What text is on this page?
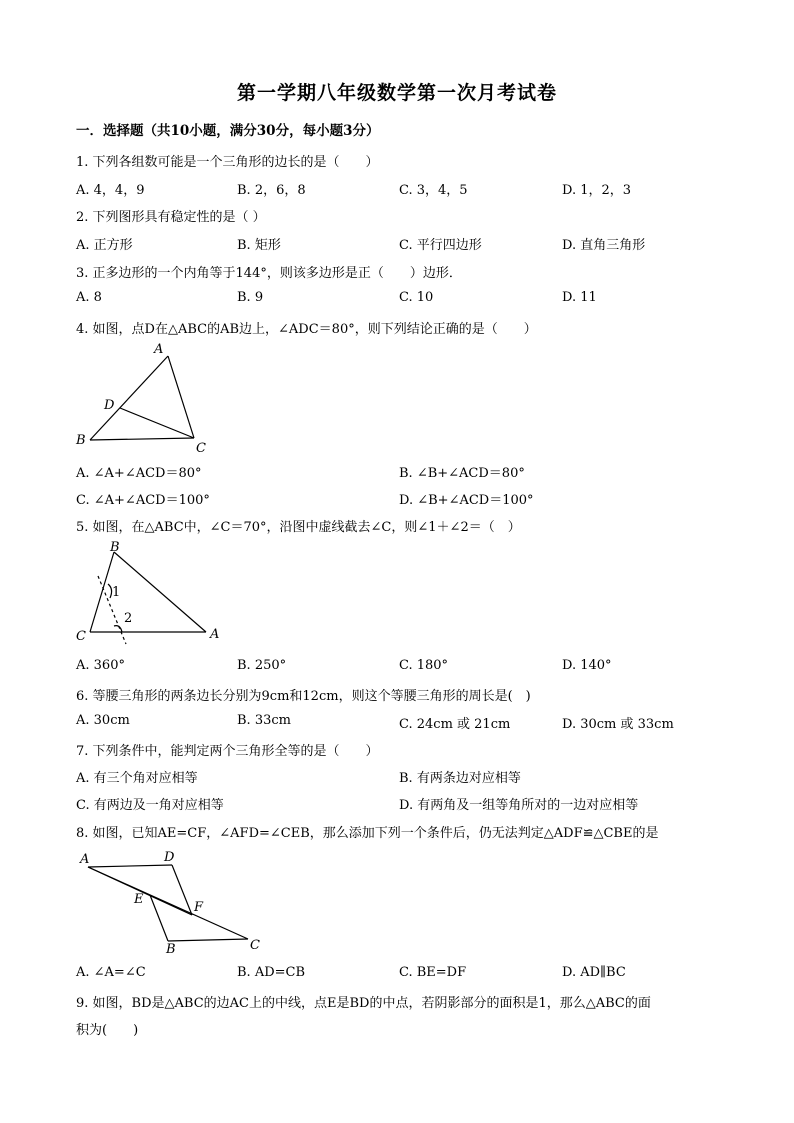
第一学期八年级数学第一次月考试卷
一．选择题（共10小题，满分30分，每小题3分）
1. 下列各组数可能是一个三角形的边长的是（　　）
A. 4，4，9	B. 2，6，8	C. 3，4，5	D. 1，2，3
2. 下列图形具有稳定性的是（ ）
A. 正方形	B. 矩形	C. 平行四边形	D. 直角三角形
3. 正多边形的一个内角等于144°，则该多边形是正（　　）边形．
A. 8	B. 9	C. 10	D. 11
4. 如图，点D在△ABC的AB边上，∠ADC＝80°，则下列结论正确的是（　　）
A
D
B
C
A. ∠A+∠ACD＝80°	B. ∠B+∠ACD＝80°
C. ∠A+∠ACD＝100°	D. ∠B+∠ACD＝100°
5. 如图，在△ABC中，∠C＝70°，沿图中虚线截去∠C，则∠1＋∠2＝（　）
B
1
2
C	A
A. 360°	B. 250°	C. 180°	D. 140°
6. 等腰三角形的两条边长分别为9cm和12cm，则这个等腰三角形的周长是(　)
A. 30cm	B. 33cm	C. 24cm 或 21cm	D. 30cm 或 33cm
7. 下列条件中，能判定两个三角形全等的是（　　）
A. 有三个角对应相等	B. 有两条边对应相等
C. 有两边及一角对应相等	D. 有两角及一组等角所对的一边对应相等
8. 如图，已知AE=CF，∠AFD=∠CEB，那么添加下列一个条件后，仍无法判定△ADF≌△CBE的是
A	D
E
F
B	C
A. ∠A=∠C	B. AD=CB	C. BE=DF	D. AD∥BC
9. 如图，BD是△ABC的边AC上的中线，点E是BD的中点，若阴影部分的面积是1，那么△ABC的面
积为(　　)
